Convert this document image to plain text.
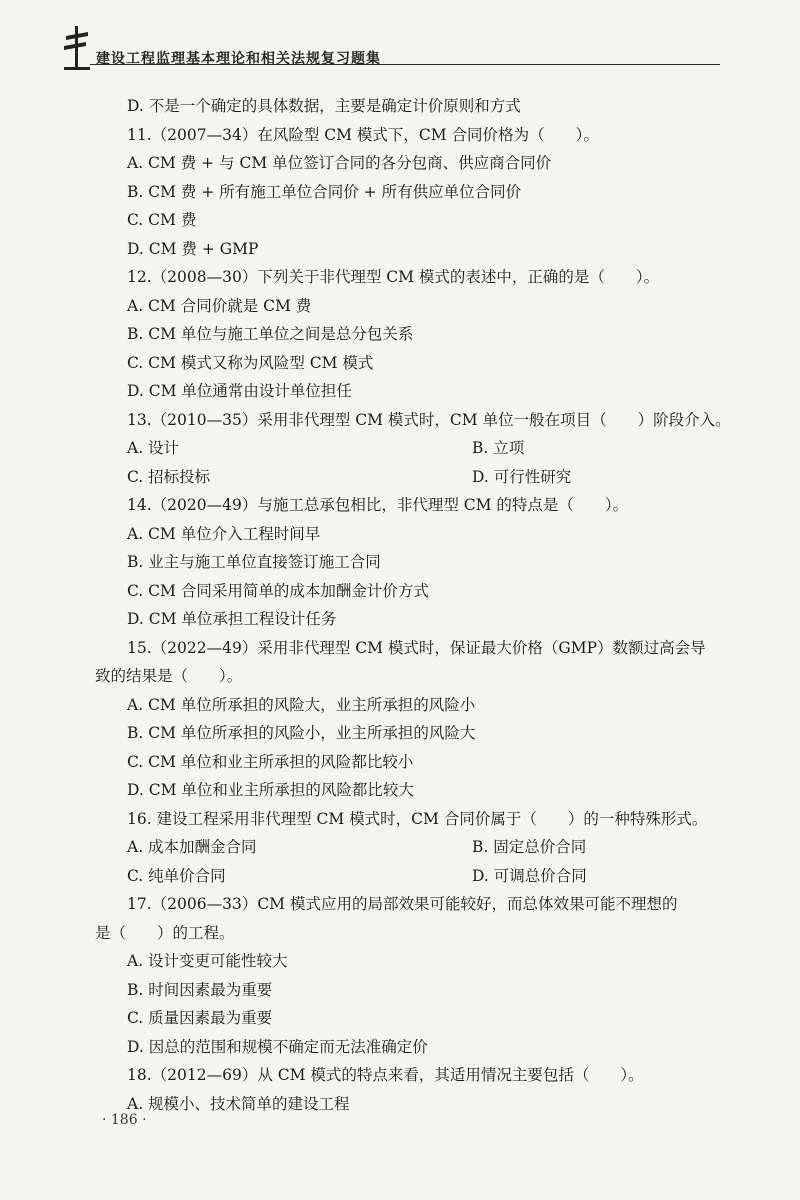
建设工程监理基本理论和相关法规复习题集
D. 不是一个确定的具体数据，主要是确定计价原则和方式
11.（2007—34）在风险型 CM 模式下，CM 合同价格为（　　）。
A. CM 费 + 与 CM 单位签订合同的各分包商、供应商合同价
B. CM 费 + 所有施工单位合同价 + 所有供应单位合同价
C. CM 费
D. CM 费 + GMP
12.（2008—30）下列关于非代理型 CM 模式的表述中，正确的是（　　）。
A. CM 合同价就是 CM 费
B. CM 单位与施工单位之间是总分包关系
C. CM 模式又称为风险型 CM 模式
D. CM 单位通常由设计单位担任
13.（2010—35）采用非代理型 CM 模式时，CM 单位一般在项目（　　）阶段介入。
A. 设计	B. 立项
C. 招标投标	D. 可行性研究
14.（2020—49）与施工总承包相比，非代理型 CM 的特点是（　　）。
A. CM 单位介入工程时间早
B. 业主与施工单位直接签订施工合同
C. CM 合同采用简单的成本加酬金计价方式
D. CM 单位承担工程设计任务
15.（2022—49）采用非代理型 CM 模式时，保证最大价格（GMP）数额过高会导
致的结果是（　　）。
A. CM 单位所承担的风险大，业主所承担的风险小
B. CM 单位所承担的风险小，业主所承担的风险大
C. CM 单位和业主所承担的风险都比较小
D. CM 单位和业主所承担的风险都比较大
16. 建设工程采用非代理型 CM 模式时，CM 合同价属于（　　）的一种特殊形式。
A. 成本加酬金合同	B. 固定总价合同
C. 纯单价合同	D. 可调总价合同
17.（2006—33）CM 模式应用的局部效果可能较好，而总体效果可能不理想的
是（　　）的工程。
A. 设计变更可能性较大
B. 时间因素最为重要
C. 质量因素最为重要
D. 因总的范围和规模不确定而无法准确定价
18.（2012—69）从 CM 模式的特点来看，其适用情况主要包括（　　）。
A. 规模小、技术简单的建设工程
· 186 ·
